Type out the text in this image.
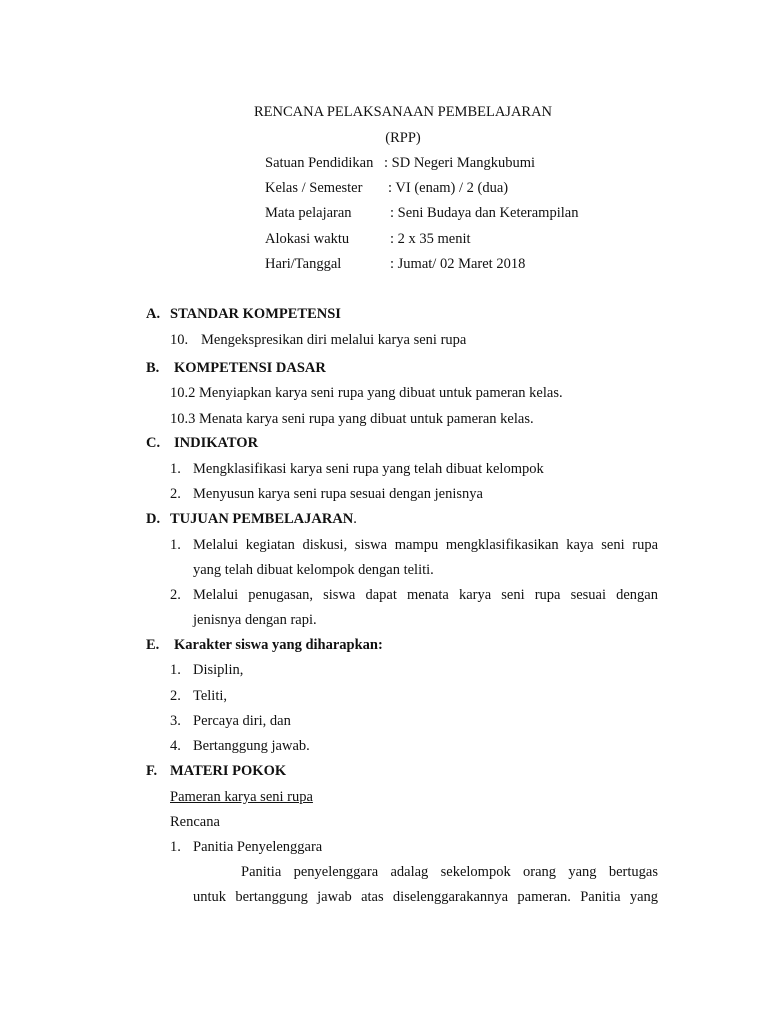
RENCANA PELAKSANAAN PEMBELAJARAN
(RPP)
Satuan Pendidikan : SD Negeri Mangkubumi
Kelas / Semester : VI (enam) / 2 (dua)
Mata pelajaran	: Seni Budaya dan Keterampilan
Alokasi waktu	: 2 x 35 menit
Hari/Tanggal	: Jumat/ 02 Maret 2018
A. STANDAR KOMPETENSI
10. Mengekspresikan diri melalui karya seni rupa
B. KOMPETENSI DASAR
10.2 Menyiapkan karya seni rupa yang dibuat untuk pameran kelas.
10.3 Menata karya seni rupa yang dibuat untuk pameran kelas.
C. INDIKATOR
1. Mengklasifikasi karya seni rupa yang telah dibuat kelompok
2. Menyusun karya seni rupa sesuai dengan jenisnya
D. TUJUAN PEMBELAJARAN.
1. Melalui kegiatan diskusi, siswa mampu mengklasifikasikan kaya seni rupa
yang telah dibuat kelompok dengan teliti.
2. Melalui penugasan, siswa dapat menata karya seni rupa sesuai dengan
jenisnya dengan rapi.
E. Karakter siswa yang diharapkan:
1. Disiplin,
2. Teliti,
3. Percaya diri, dan
4. Bertanggung jawab.
F. MATERI POKOK
Pameran karya seni rupa
Rencana
1. Panitia Penyelenggara
Panitia penyelenggara adalag sekelompok orang yang bertugas
untuk bertanggung jawab atas diselenggarakannya pameran. Panitia yang
